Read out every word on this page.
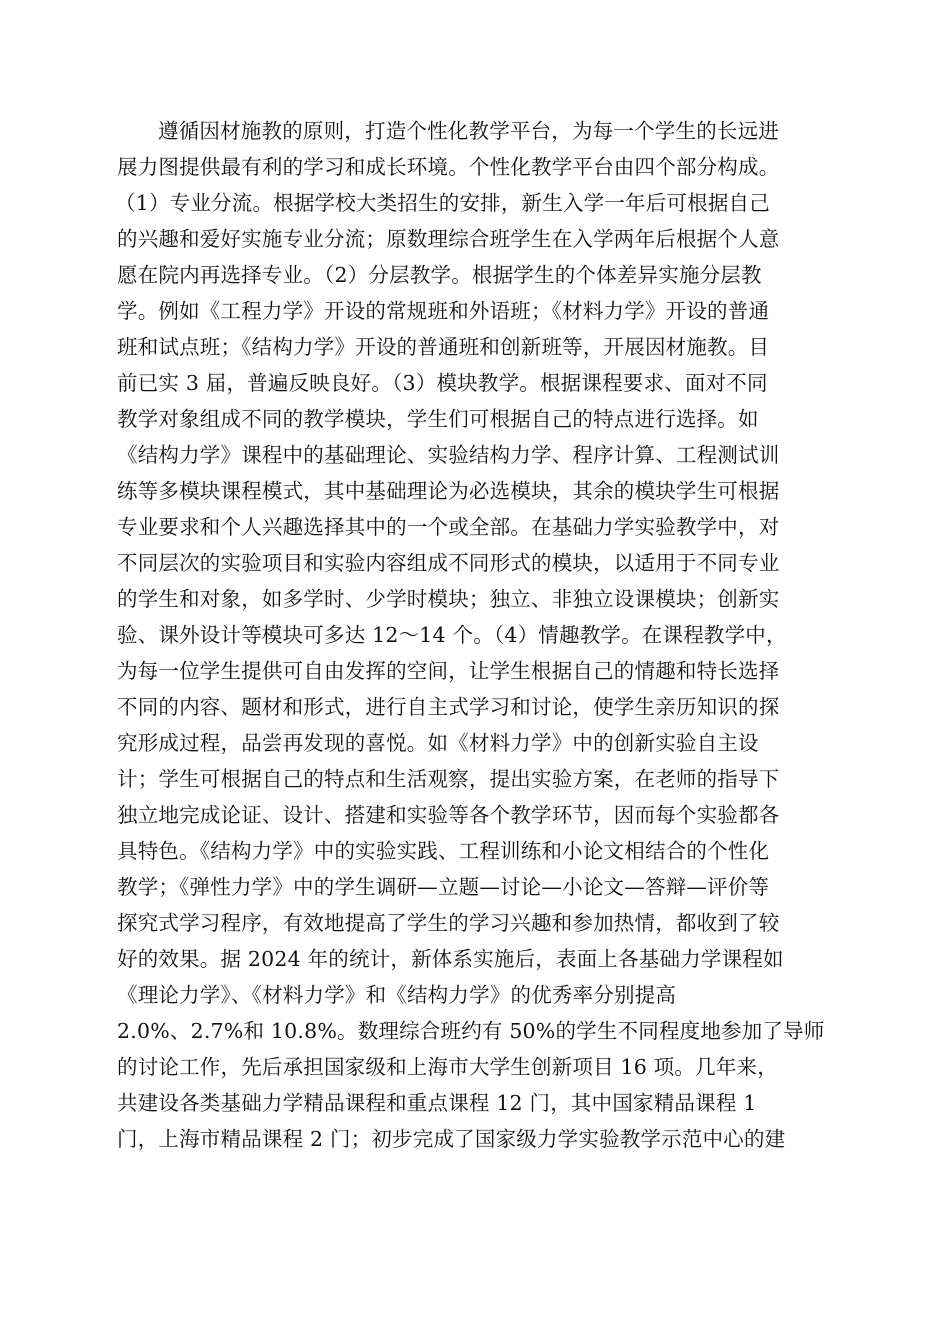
遵循因材施教的原则，打造个性化教学平台，为每一个学生的长远进
展力图提供最有利的学习和成长环境。个性化教学平台由四个部分构成。
（1）专业分流。根据学校大类招生的安排，新生入学一年后可根据自己
的兴趣和爱好实施专业分流；原数理综合班学生在入学两年后根据个人意
愿在院内再选择专业。（2）分层教学。根据学生的个体差异实施分层教
学。例如《工程力学》开设的常规班和外语班；《材料力学》开设的普通
班和试点班；《结构力学》开设的普通班和创新班等，开展因材施教。目
前已实 3 届，普遍反映良好。（3）模块教学。根据课程要求、面对不同
教学对象组成不同的教学模块，学生们可根据自己的特点进行选择。如
《结构力学》课程中的基础理论、实验结构力学、程序计算、工程测试训
练等多模块课程模式，其中基础理论为必选模块，其余的模块学生可根据
专业要求和个人兴趣选择其中的一个或全部。在基础力学实验教学中，对
不同层次的实验项目和实验内容组成不同形式的模块，以适用于不同专业
的学生和对象，如多学时、少学时模块；独立、非独立设课模块；创新实
验、课外设计等模块可多达 12～14 个。（4）情趣教学。在课程教学中，
为每一位学生提供可自由发挥的空间，让学生根据自己的情趣和特长选择
不同的内容、题材和形式，进行自主式学习和讨论，使学生亲历知识的探
究形成过程，品尝再发现的喜悦。如《材料力学》中的创新实验自主设
计；学生可根据自己的特点和生活观察，提出实验方案，在老师的指导下
独立地完成论证、设计、搭建和实验等各个教学环节，因而每个实验都各
具特色。《结构力学》中的实验实践、工程训练和小论文相结合的个性化
教学；《弹性力学》中的学生调研—立题—讨论—小论文—答辩—评价等
探究式学习程序，有效地提高了学生的学习兴趣和参加热情，都收到了较
好的效果。据 2024 年的统计，新体系实施后，表面上各基础力学课程如
《理论力学》、《材料力学》和《结构力学》的优秀率分别提高
2.0%、2.7%和 10.8%。数理综合班约有 50%的学生不同程度地参加了导师
的讨论工作，先后承担国家级和上海市大学生创新项目 16 项。几年来，
共建设各类基础力学精品课程和重点课程 12 门，其中国家精品课程 1
门，上海市精品课程 2 门；初步完成了国家级力学实验教学示范中心的建
